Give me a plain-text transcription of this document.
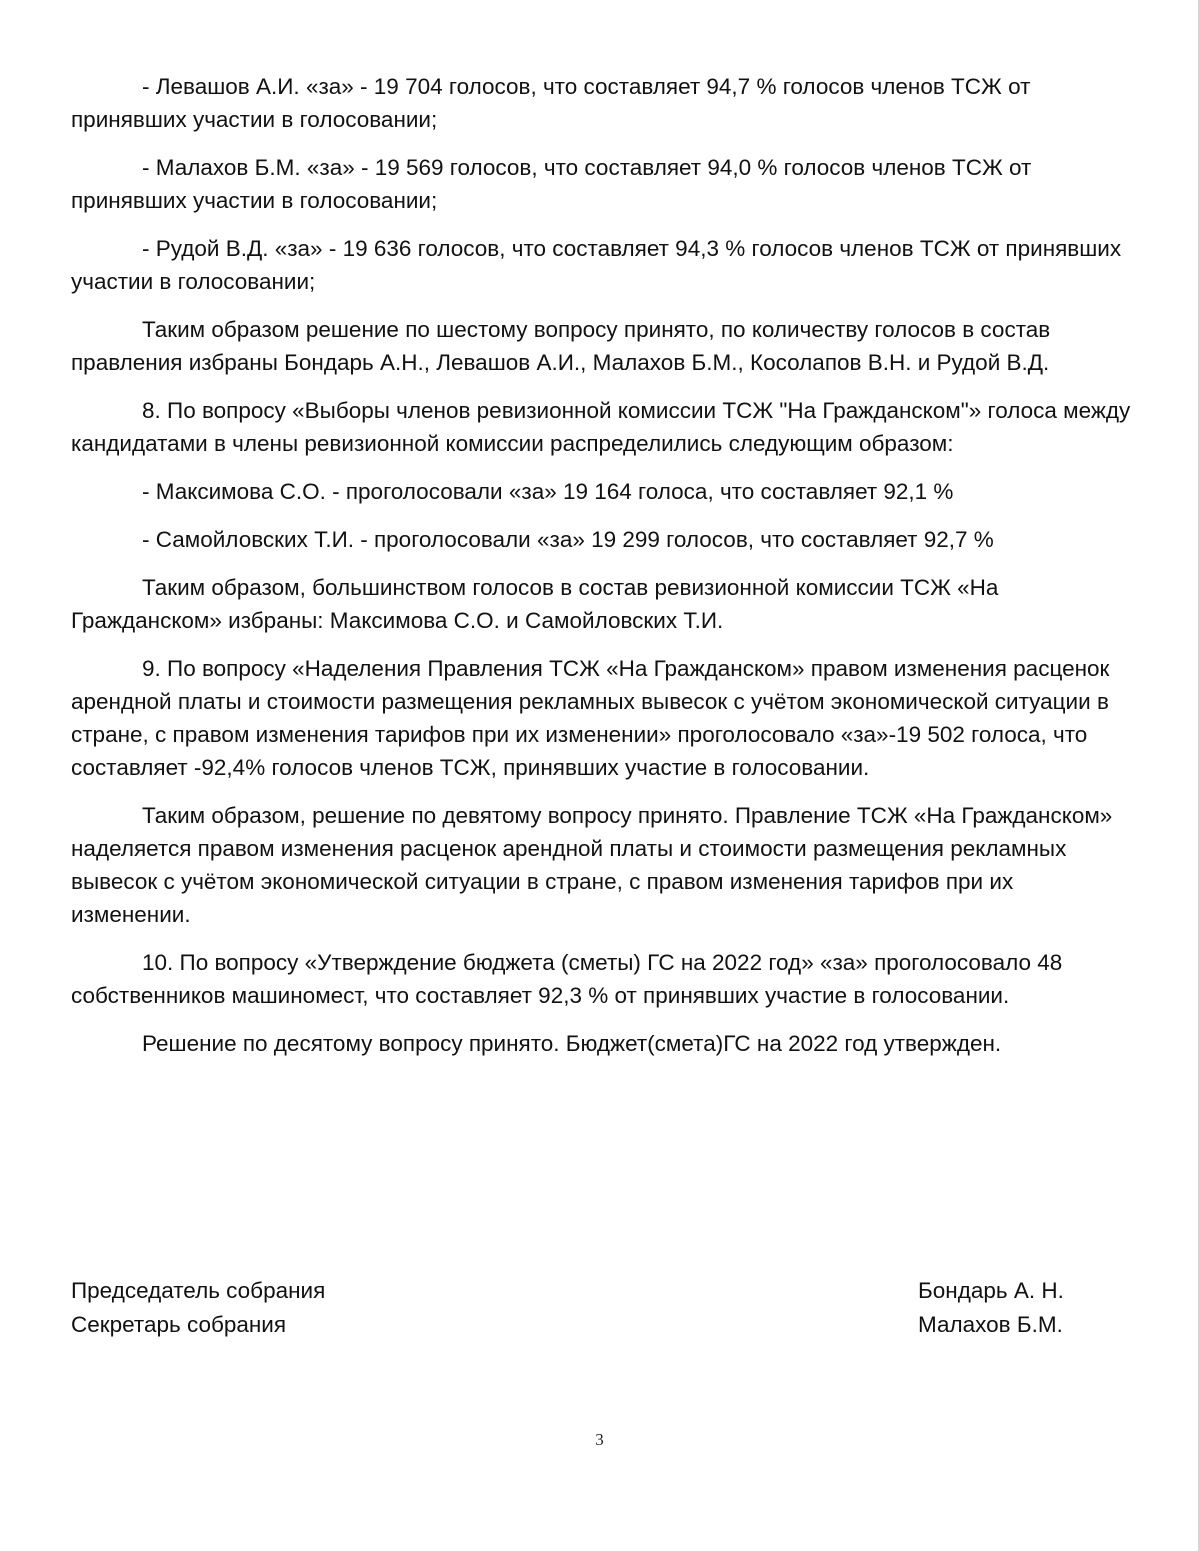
- Левашов А.И. «за» - 19 704 голосов, что составляет 94,7 % голосов членов ТСЖ от принявших участии в голосовании;

- Малахов Б.М. «за» - 19 569 голосов, что составляет 94,0 % голосов членов ТСЖ от принявших участии в голосовании;

- Рудой В.Д. «за» - 19 636 голосов, что составляет 94,3 % голосов членов ТСЖ от принявших участии в голосовании;

Таким образом решение по шестому вопросу принято, по количеству голосов в состав правления избраны Бондарь А.Н., Левашов А.И., Малахов Б.М., Косолапов В.Н. и Рудой В.Д.

8. По вопросу «Выборы членов ревизионной комиссии ТСЖ "На Гражданском"» голоса между кандидатами в члены ревизионной комиссии распределились следующим образом:

- Максимова С.О. - проголосовали «за» 19 164 голоса, что составляет 92,1 %

- Самойловских Т.И. - проголосовали «за» 19 299 голосов, что составляет 92,7 %

Таким образом, большинством голосов в состав ревизионной комиссии ТСЖ «На Гражданском» избраны: Максимова С.О. и Самойловских Т.И.

9. По вопросу «Наделения Правления ТСЖ «На Гражданском» правом изменения расценок арендной платы и стоимости размещения рекламных вывесок с учётом экономической ситуации в стране, с правом изменения тарифов при их изменении» проголосовало «за»-19 502 голоса, что составляет -92,4% голосов членов ТСЖ, принявших участие в голосовании.

Таким образом, решение по девятому вопросу принято. Правление ТСЖ «На Гражданском» наделяется правом изменения расценок арендной платы и стоимости размещения рекламных вывесок с учётом экономической ситуации в стране, с правом изменения тарифов при их изменении.

10. По вопросу «Утверждение бюджета (сметы) ГС на 2022 год» «за» проголосовало 48 собственников машиномест, что составляет 92,3 % от принявших участие в голосовании.

Решение по десятому вопросу принято. Бюджет(смета)ГС на 2022 год утвержден.

Председатель собрания	Бондарь А. Н.
Секретарь собрания	Малахов Б.М.
3
